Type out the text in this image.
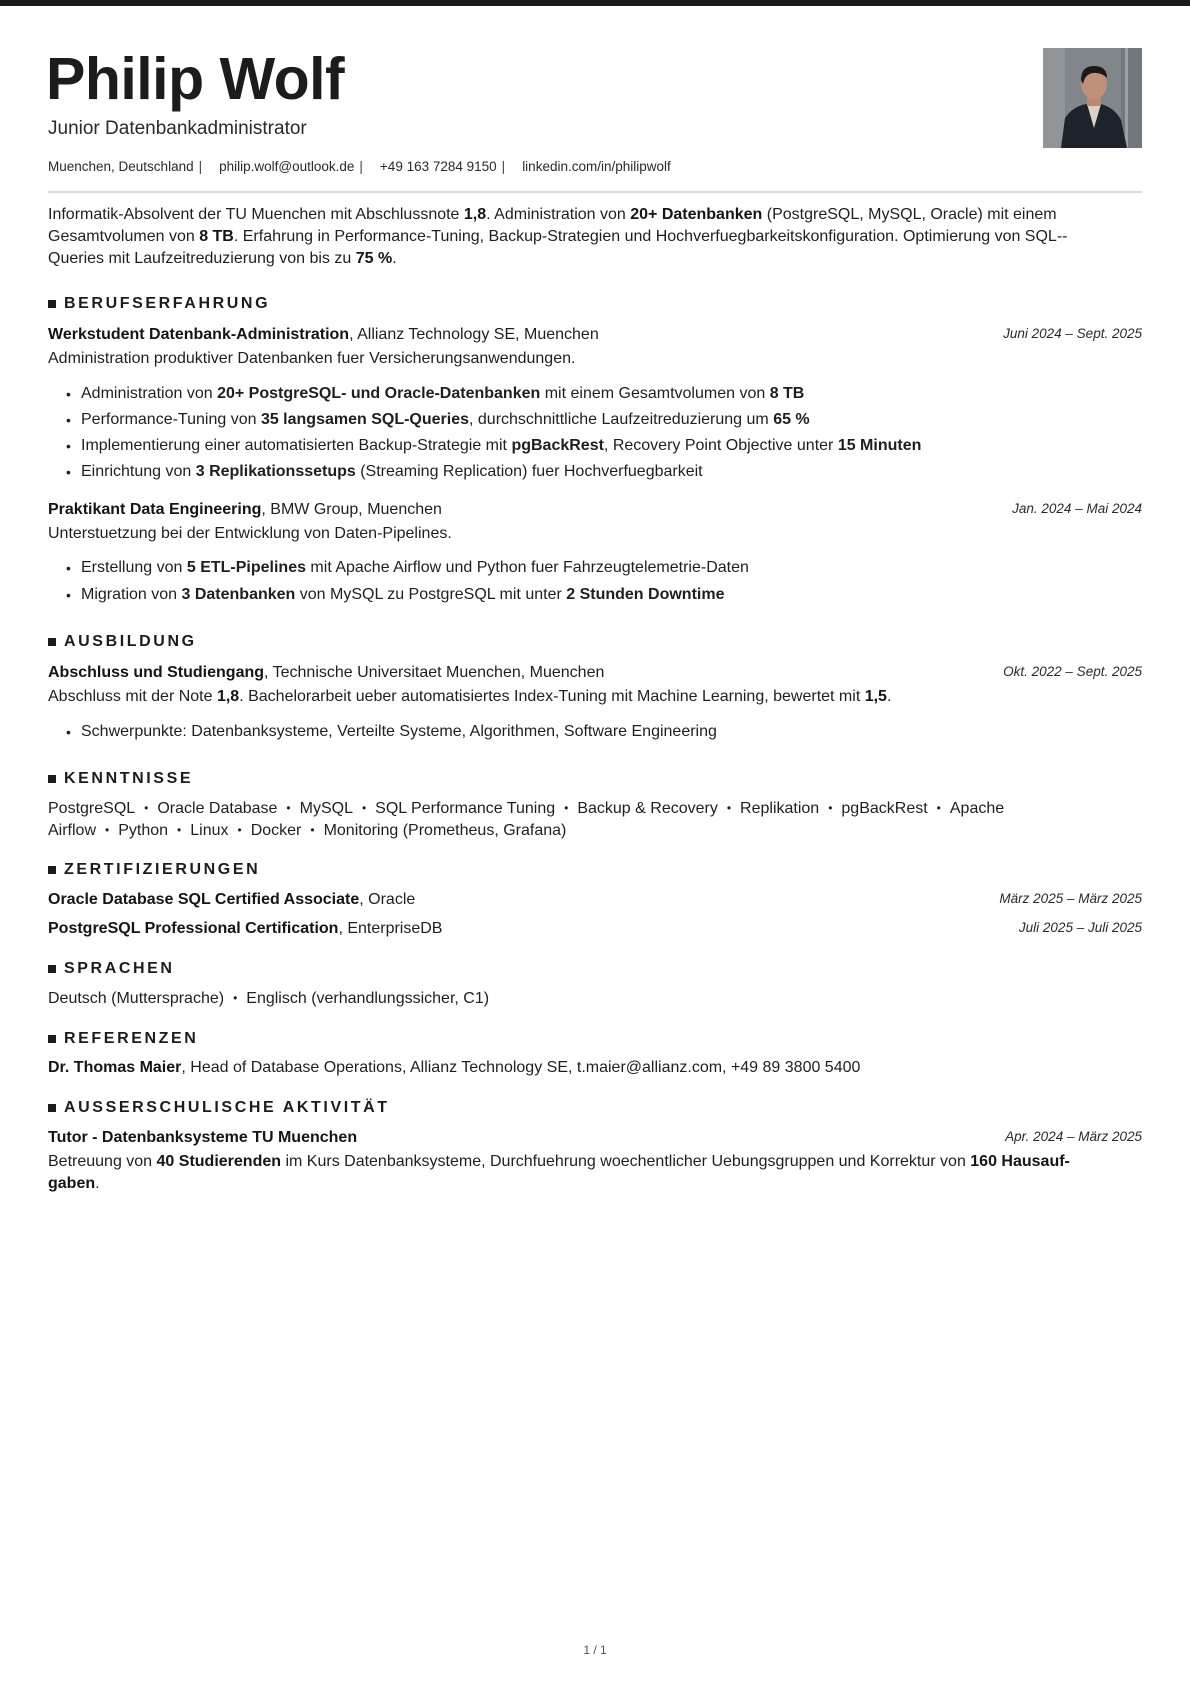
Philip Wolf
Junior Datenbankadministrator
Muenchen, Deutschland | philip.wolf@outlook.de | +49 163 7284 9150 | linkedin.com/in/philipwolf
Informatik-Absolvent der TU Muenchen mit Abschlussnote 1,8. Administration von 20+ Datenbanken (PostgreSQL, MySQL, Oracle) mit einem
Gesamtvolumen von 8 TB. Erfahrung in Performance-Tuning, Backup-Strategien und Hochverfuegbarkeitskonfiguration. Optimierung von SQL--
Queries mit Laufzeitreduzierung von bis zu 75 %.
BERUFSERFAHRUNG
Werkstudent Datenbank-Administration, Allianz Technology SE, Muenchen	Juni 2024 – Sept. 2025
Administration produktiver Datenbanken fuer Versicherungsanwendungen.
• Administration von 20+ PostgreSQL- und Oracle-Datenbanken mit einem Gesamtvolumen von 8 TB
• Performance-Tuning von 35 langsamen SQL-Queries, durchschnittliche Laufzeitreduzierung um 65 %
• Implementierung einer automatisierten Backup-Strategie mit pgBackRest, Recovery Point Objective unter 15 Minuten
• Einrichtung von 3 Replikationssetups (Streaming Replication) fuer Hochverfuegbarkeit
Praktikant Data Engineering, BMW Group, Muenchen	Jan. 2024 – Mai 2024
Unterstuetzung bei der Entwicklung von Daten-Pipelines.
• Erstellung von 5 ETL-Pipelines mit Apache Airflow und Python fuer Fahrzeugtelemetrie-Daten
• Migration von 3 Datenbanken von MySQL zu PostgreSQL mit unter 2 Stunden Downtime
AUSBILDUNG
Abschluss und Studiengang, Technische Universitaet Muenchen, Muenchen	Okt. 2022 – Sept. 2025
Abschluss mit der Note 1,8. Bachelorarbeit ueber automatisiertes Index-Tuning mit Machine Learning, bewertet mit 1,5.
• Schwerpunkte: Datenbanksysteme, Verteilte Systeme, Algorithmen, Software Engineering
KENNTNISSE
PostgreSQL • Oracle Database • MySQL • SQL Performance Tuning • Backup & Recovery • Replikation • pgBackRest • Apache
Airflow • Python • Linux • Docker • Monitoring (Prometheus, Grafana)
ZERTIFIZIERUNGEN
Oracle Database SQL Certified Associate, Oracle	März 2025 – März 2025
PostgreSQL Professional Certification, EnterpriseDB	Juli 2025 – Juli 2025
SPRACHEN
Deutsch (Muttersprache) • Englisch (verhandlungssicher, C1)
REFERENZEN
Dr. Thomas Maier, Head of Database Operations, Allianz Technology SE, t.maier@allianz.com, +49 89 3800 5400
AUSSERSCHULISCHE AKTIVITÄT
Tutor - Datenbanksysteme TU Muenchen	Apr. 2024 – März 2025
Betreuung von 40 Studierenden im Kurs Datenbanksysteme, Durchfuehrung woechentlicher Uebungsgruppen und Korrektur von 160 Hausauf-
gaben.
1 / 1
